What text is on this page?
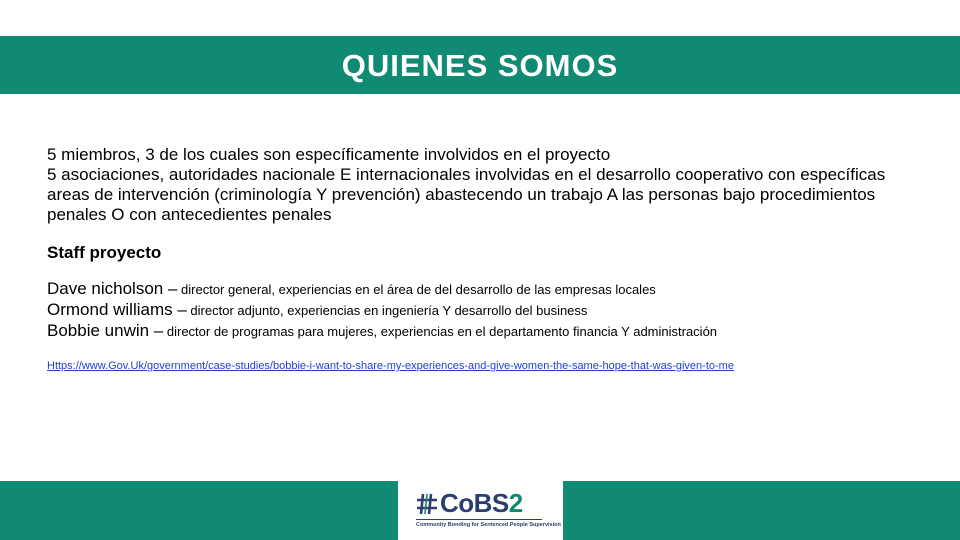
QUIENES SOMOS

5 miembros, 3 de los cuales son específicamente involvidos en el proyecto

5 asociaciones, autoridades nacionale E internacionales involvidas en el desarrollo cooperativo con específicas areas de intervención (criminología Y prevención) abastecendo un trabajo A las personas bajo procedimientos penales O con antecedientes penales

Staff proyecto

Dave nicholson – director general, experiencias en el área de del desarrollo de las empresas locales
Ormond williams – director adjunto, experiencias en ingeniería Y desarrollo del business
Bobbie unwin – director de programas para mujeres, experiencias en el departamento financia Y administración
Https://www.Gov.Uk/government/case-studies/bobbie-i-want-to-share-my-experiences-and-give-women-the-same-hope-that-was-given-to-me
CoBS2
Community Bonding for Sentenced People Supervision
